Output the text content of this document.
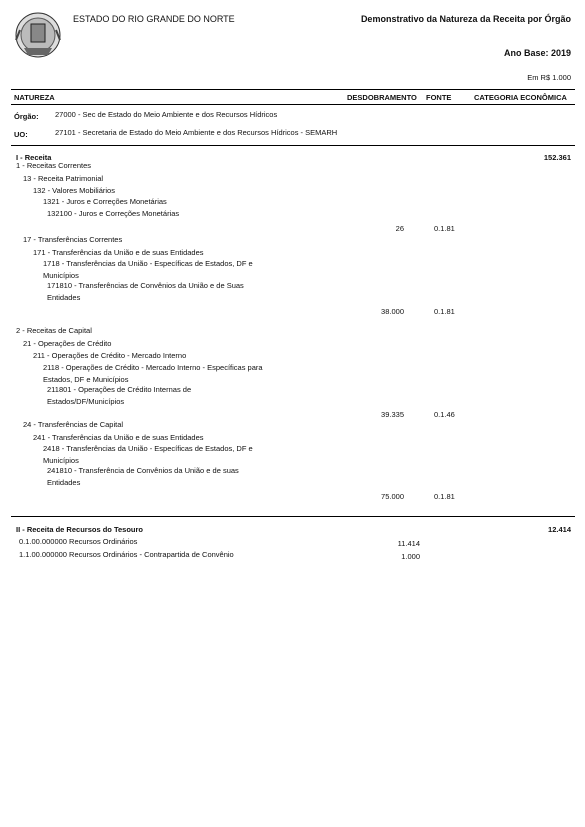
ESTADO DO RIO GRANDE DO NORTE	Demonstrativo da Natureza da Receita por Órgão
Ano Base: 2019
Em R$ 1.000
NATUREZA	DESDOBRAMENTO FONTE	CATEGORIA ECONÔMICA
Órgão: 27000 - Sec de Estado do Meio Ambiente e dos Recursos Hídricos
UO:	27101 - Secretaria de Estado do Meio Ambiente e dos Recursos Hídricos - SEMARH
I - Receita	152.361
1 - Receitas Correntes
13 - Receita Patrimonial
132 - Valores Mobiliários
1321 - Juros e Correções Monetárias
132100 - Juros e Correções Monetárias
26	0.1.81
17 - Transferências Correntes
171 - Transferências da União e de suas Entidades
1718 - Transferências da União - Específicas de Estados, DF e Municípios
171810 - Transferências de Convênios da União e de Suas Entidades
38.000	0.1.81
2 - Receitas de Capital
21 - Operações de Crédito
211 - Operações de Crédito - Mercado Interno
2118 - Operações de Crédito - Mercado Interno - Específicas para Estados, DF e Municípios
211801 - Operações de Crédito Internas de Estados/DF/Municípios
39.335	0.1.46
24 - Transferências de Capital
241 - Transferências da União e de suas Entidades
2418 - Transferências da União - Específicas de Estados, DF e Municípios
241810 - Transferência de Convênios da União e de suas Entidades
75.000	0.1.81
II - Receita de Recursos do Tesouro	12.414
0.1.00.000000 Recursos Ordinários	11.414
1.1.00.000000 Recursos Ordinários - Contrapartida de Convênio	1.000
